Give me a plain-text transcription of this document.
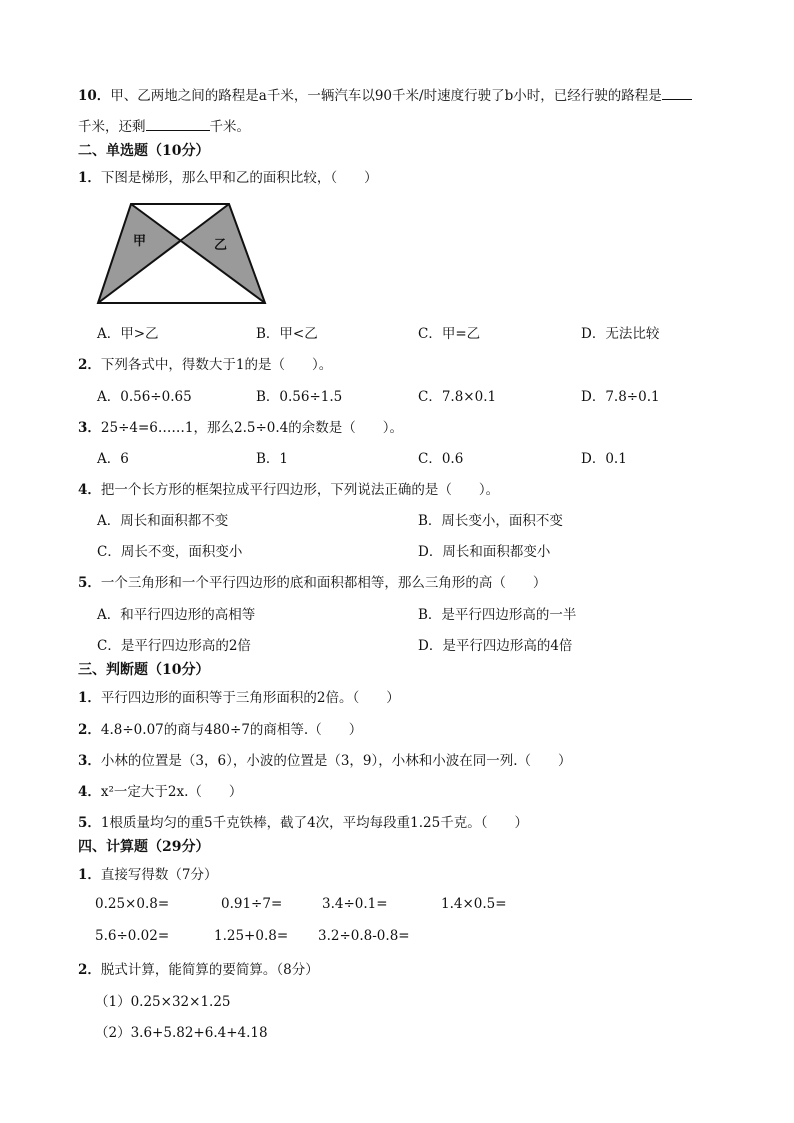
10．甲、乙两地之间的路程是a千米，一辆汽车以90千米/时速度行驶了b小时，已经行驶的路程是
千米，还剩	千米。
二、单选题（10分）
1．下图是梯形，那么甲和乙的面积比较，（　　）
甲	乙
A．甲>乙	B．甲<乙	C．甲=乙	D．无法比较
2．下列各式中，得数大于1的是（　　）。
A．0.56÷0.65	B．0.56÷1.5	C．7.8×0.1	D．7.8÷0.1
3．25÷4=6……1，那么2.5÷0.4的余数是（　　）。
A．6	B．1	C．0.6	D．0.1
4．把一个长方形的框架拉成平行四边形，下列说法正确的是（　　）。
A．周长和面积都不变	B．周长变小，面积不变
C．周长不变，面积变小	D．周长和面积都变小
5．一个三角形和一个平行四边形的底和面积都相等，那么三角形的高（　　）
A．和平行四边形的高相等	B．是平行四边形高的一半
C．是平行四边形高的2倍	D．是平行四边形高的4倍
三、判断题（10分）
1．平行四边形的面积等于三角形面积的2倍。（　　）
2．4.8÷0.07的商与480÷7的商相等.（　　）
3．小林的位置是（3，6），小波的位置是（3，9），小林和小波在同一列.（　　）
4．x²一定大于2x.（　　）
5．1根质量均匀的重5千克铁棒，截了4次，平均每段重1.25千克。（　　）
四、计算题（29分）
1．直接写得数（7分）
0.25×0.8=	0.91÷7=	3.4÷0.1=	1.4×0.5=
5.6÷0.02=	1.25+0.8= 3.2÷0.8-0.8=
2．脱式计算，能简算的要简算。（8分）
（1）0.25×32×1.25
（2）3.6+5.82+6.4+4.18
